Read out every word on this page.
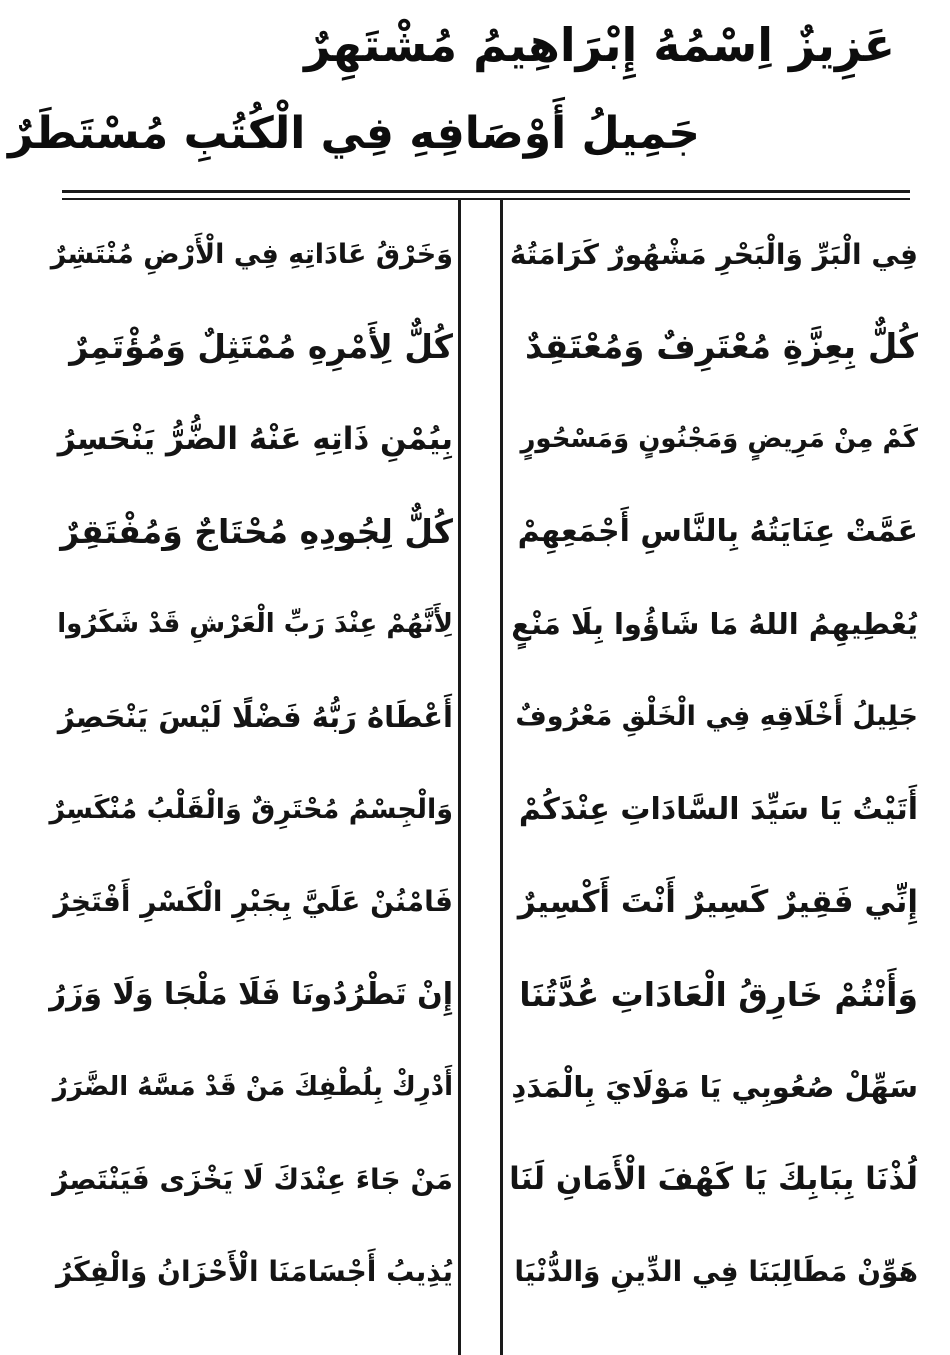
عَزِيزٌ اِسْمُهُ إِبْرَاهِيمُ مُشْتَهِرٌ
جَمِيلُ أَوْصَافِهِ فِي الْكُتُبِ مُسْتَطَرٌ
فِي الْبَرِّ وَالْبَحْرِ مَشْهُورٌ كَرَامَتُهُ
كُلٌّ بِعِزَّةِ مُعْتَرِفٌ وَمُعْتَقِدٌ
كَمْ مِنْ مَرِيضٍ وَمَجْنُونٍ وَمَسْحُورٍ
عَمَّتْ عِنَايَتُهُ بِالنَّاسِ أَجْمَعِهِمْ
يُعْطِيهِمُ اللهُ مَا شَاؤُوا بِلَا مَنْعٍ
جَلِيلُ أَخْلَاقِهِ فِي الْخَلْقِ مَعْرُوفٌ
أَتَيْتُ يَا سَيِّدَ السَّادَاتِ عِنْدَكُمْ
إِنِّي فَقِيرٌ كَسِيرٌ أَنْتَ أَكْسِيرٌ
وَأَنْتُمْ خَارِقُ الْعَادَاتِ عُدَّتُنَا
سَهِّلْ صُعُوبِي يَا مَوْلَايَ بِالْمَدَدِ
لُذْنَا بِبَابِكَ يَا كَهْفَ الْأَمَانِ لَنَا
هَوِّنْ مَطَالِبَنَا فِي الدِّينِ وَالدُّنْيَا
وَخَرْقُ عَادَاتِهِ فِي الْأَرْضِ مُنْتَشِرٌ
كُلٌّ لِأَمْرِهِ مُمْتَثِلٌ وَمُؤْتَمِرٌ
بِيُمْنِ ذَاتِهِ عَنْهُ الضُّرُّ يَنْحَسِرُ
كُلٌّ لِجُودِهِ مُحْتَاجٌ وَمُفْتَقِرٌ
لِأَنَّهُمْ عِنْدَ رَبِّ الْعَرْشِ قَدْ شَكَرُوا
أَعْطَاهُ رَبُّهُ فَضْلًا لَيْسَ يَنْحَصِرُ
وَالْجِسْمُ مُحْتَرِقٌ وَالْقَلْبُ مُنْكَسِرٌ
فَامْنُنْ عَلَيَّ بِجَبْرِ الْكَسْرِ أَفْتَخِرُ
إِنْ تَطْرُدُونَا فَلَا مَلْجَا وَلَا وَزَرُ
أَدْرِكْ بِلُطْفِكَ مَنْ قَدْ مَسَّهُ الضَّرَرُ
مَنْ جَاءَ عِنْدَكَ لَا يَخْزَى فَيَنْتَصِرُ
يُذِيبُ أَجْسَامَنَا الْأَحْزَانُ وَالْفِكَرُ
